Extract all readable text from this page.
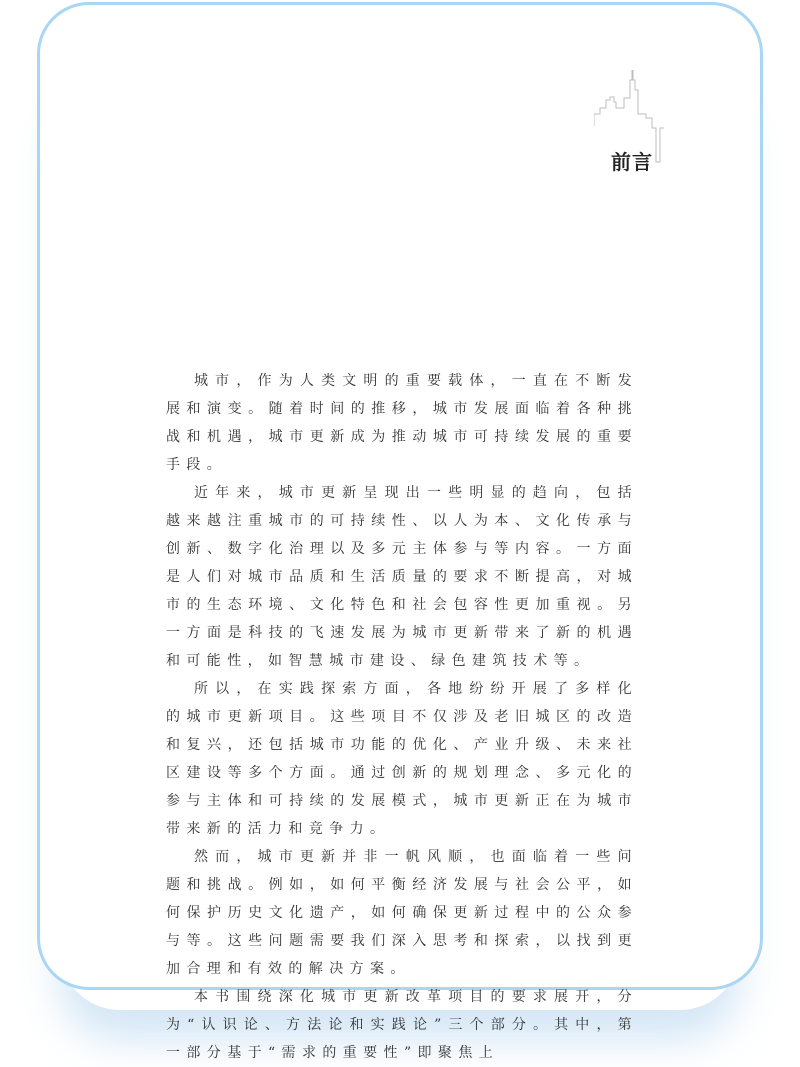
前言

城市，作为人类文明的重要载体，一直在不断发展和演变。随着时间的推移，城市发展面临着各种挑战和机遇，城市更新成为推动城市可持续发展的重要手段。

近年来，城市更新呈现出一些明显的趋向，包括越来越注重城市的可持续性、以人为本、文化传承与创新、数字化治理以及多元主体参与等内容。一方面是人们对城市品质和生活质量的要求不断提高，对城市的生态环境、文化特色和社会包容性更加重视。另一方面是科技的飞速发展为城市更新带来了新的机遇和可能性，如智慧城市建设、绿色建筑技术等。

所以，在实践探索方面，各地纷纷开展了多样化的城市更新项目。这些项目不仅涉及老旧城区的改造和复兴，还包括城市功能的优化、产业升级、未来社区建设等多个方面。通过创新的规划理念、多元化的参与主体和可持续的发展模式，城市更新正在为城市带来新的活力和竞争力。

然而，城市更新并非一帆风顺，也面临着一些问题和挑战。例如，如何平衡经济发展与社会公平，如何保护历史文化遗产，如何确保更新过程中的公众参与等。这些问题需要我们深入思考和探索，以找到更加合理和有效的解决方案。

本书围绕深化城市更新改革项目的要求展开，分为“认识论、方法论和实践论”三个部分。其中，第一部分基于“需求的重要性”即聚焦上
